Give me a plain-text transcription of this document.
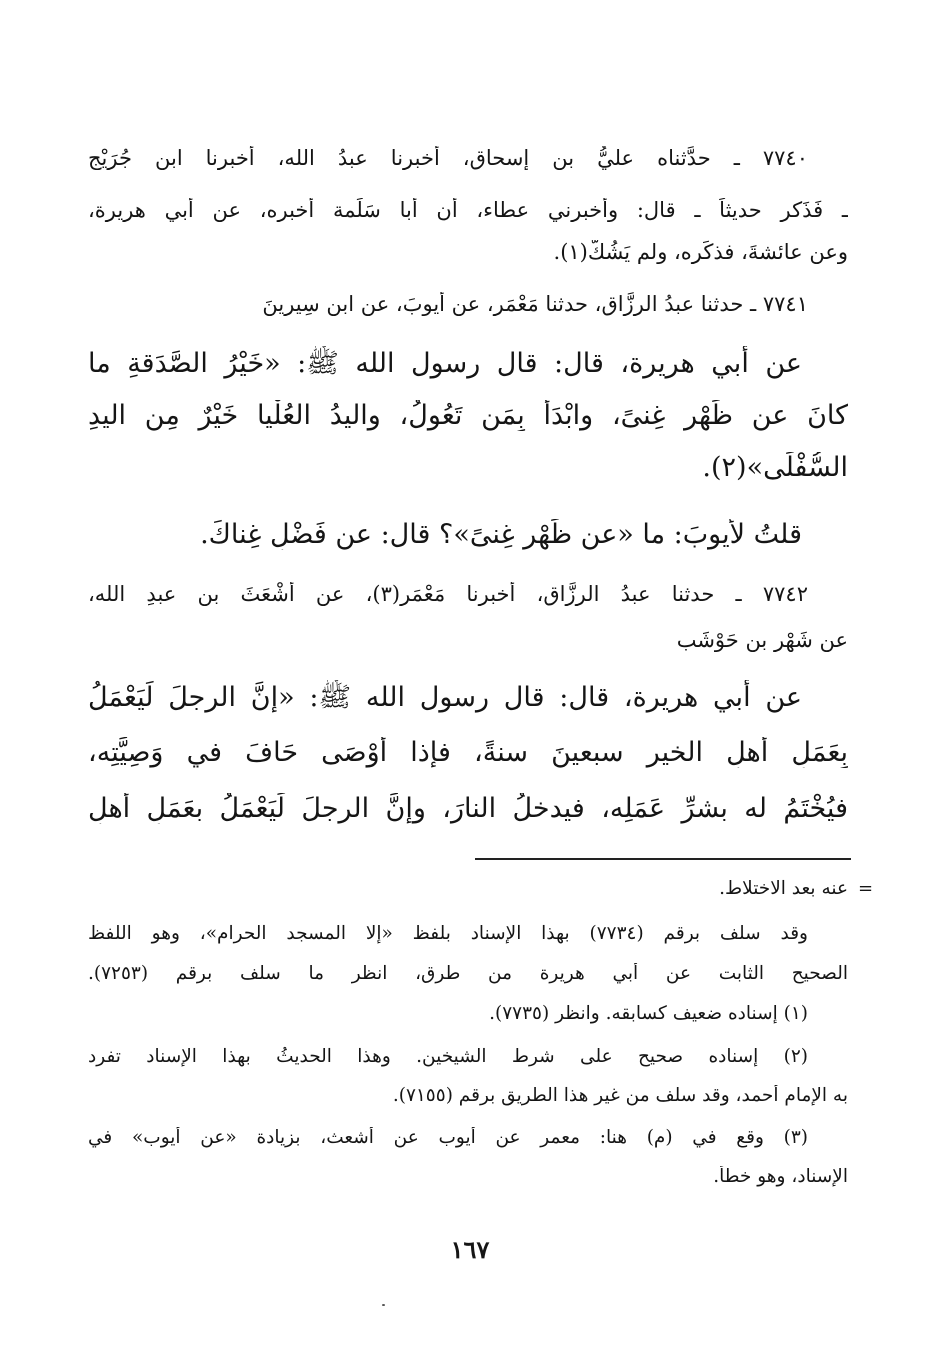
٧٧٤٠ ـ حدَّثناه عليُّ بن إسحاق، أخبرنا عبدُ الله، أخبرنا ابن جُرَيْج
ـ فَذَكر حديثاً ـ قال: وأخبرني عطاء، أن أبا سَلَمة أخبره، عن أبي هريرة،
وعن عائشةَ، فذكَره، ولم يَشُكَّ(١).
٧٧٤١ ـ حدثنا عبدُ الرزَّاق، حدثنا مَعْمَر، عن أيوبَ، عن ابن سِيرينَ
عن أبي هريرة، قال: قال رسول الله ﷺ: «خَيْرُ الصَّدَقةِ ما
كانَ عن ظَهْرِ غِنىً، وابْدَأْ بِمَن تَعُولُ، واليدُ العُلْيا خَيْرٌ مِن اليدِ
السُّفْلَى»(٢).
قلتُ لأيوبَ: ما «عن ظَهْرِ غِنىً»؟ قال: عن فَضْلِ غِناكَ.
٧٧٤٢ ـ حدثنا عبدُ الرزَّاق، أخبرنا مَعْمَر(٣)، عن أَشْعَثَ بن عبدِ الله،
عن شَهْر بن حَوْشَب
عن أبي هريرة، قال: قال رسول الله ﷺ: «إنَّ الرجلَ لَيَعْمَلُ
بِعَمَلِ أَهلِ الخيرِ سبعينَ سنةً، فإذا أَوْصَى حَافَ في وَصِيَّتِه،
فيُخْتَمُ له بشرِّ عَمَلِه، فيدخلُ النارَ، وإنَّ الرجلَ لَيَعْمَلُ بعَمَلِ أَهلِ
=
عنه بعد الاختلاط.
وقد سلف برقم (٧٧٣٤) بهذا الإسناد بلفظ «إلا المسجد الحرام»، وهو اللفظ
الصحيح الثابت عن أبي هريرة من طرق، انظر ما سلف برقم (٧٢٥٣).
(١) إسناده ضعيف كسابقه. وانظر (٧٧٣٥).
(٢) إسناده صحيح على شرط الشيخين. وهذا الحديثُ بهذا الإسناد تفرد
به الإمام أحمد، وقد سلف من غير هذا الطريق برقم (٧١٥٥).
(٣) وقع في (م) هنا: معمر عن أيوب عن أشعث، بزيادة «عن أيوب» في
الإسناد، وهو خطأ.
١٦٧
